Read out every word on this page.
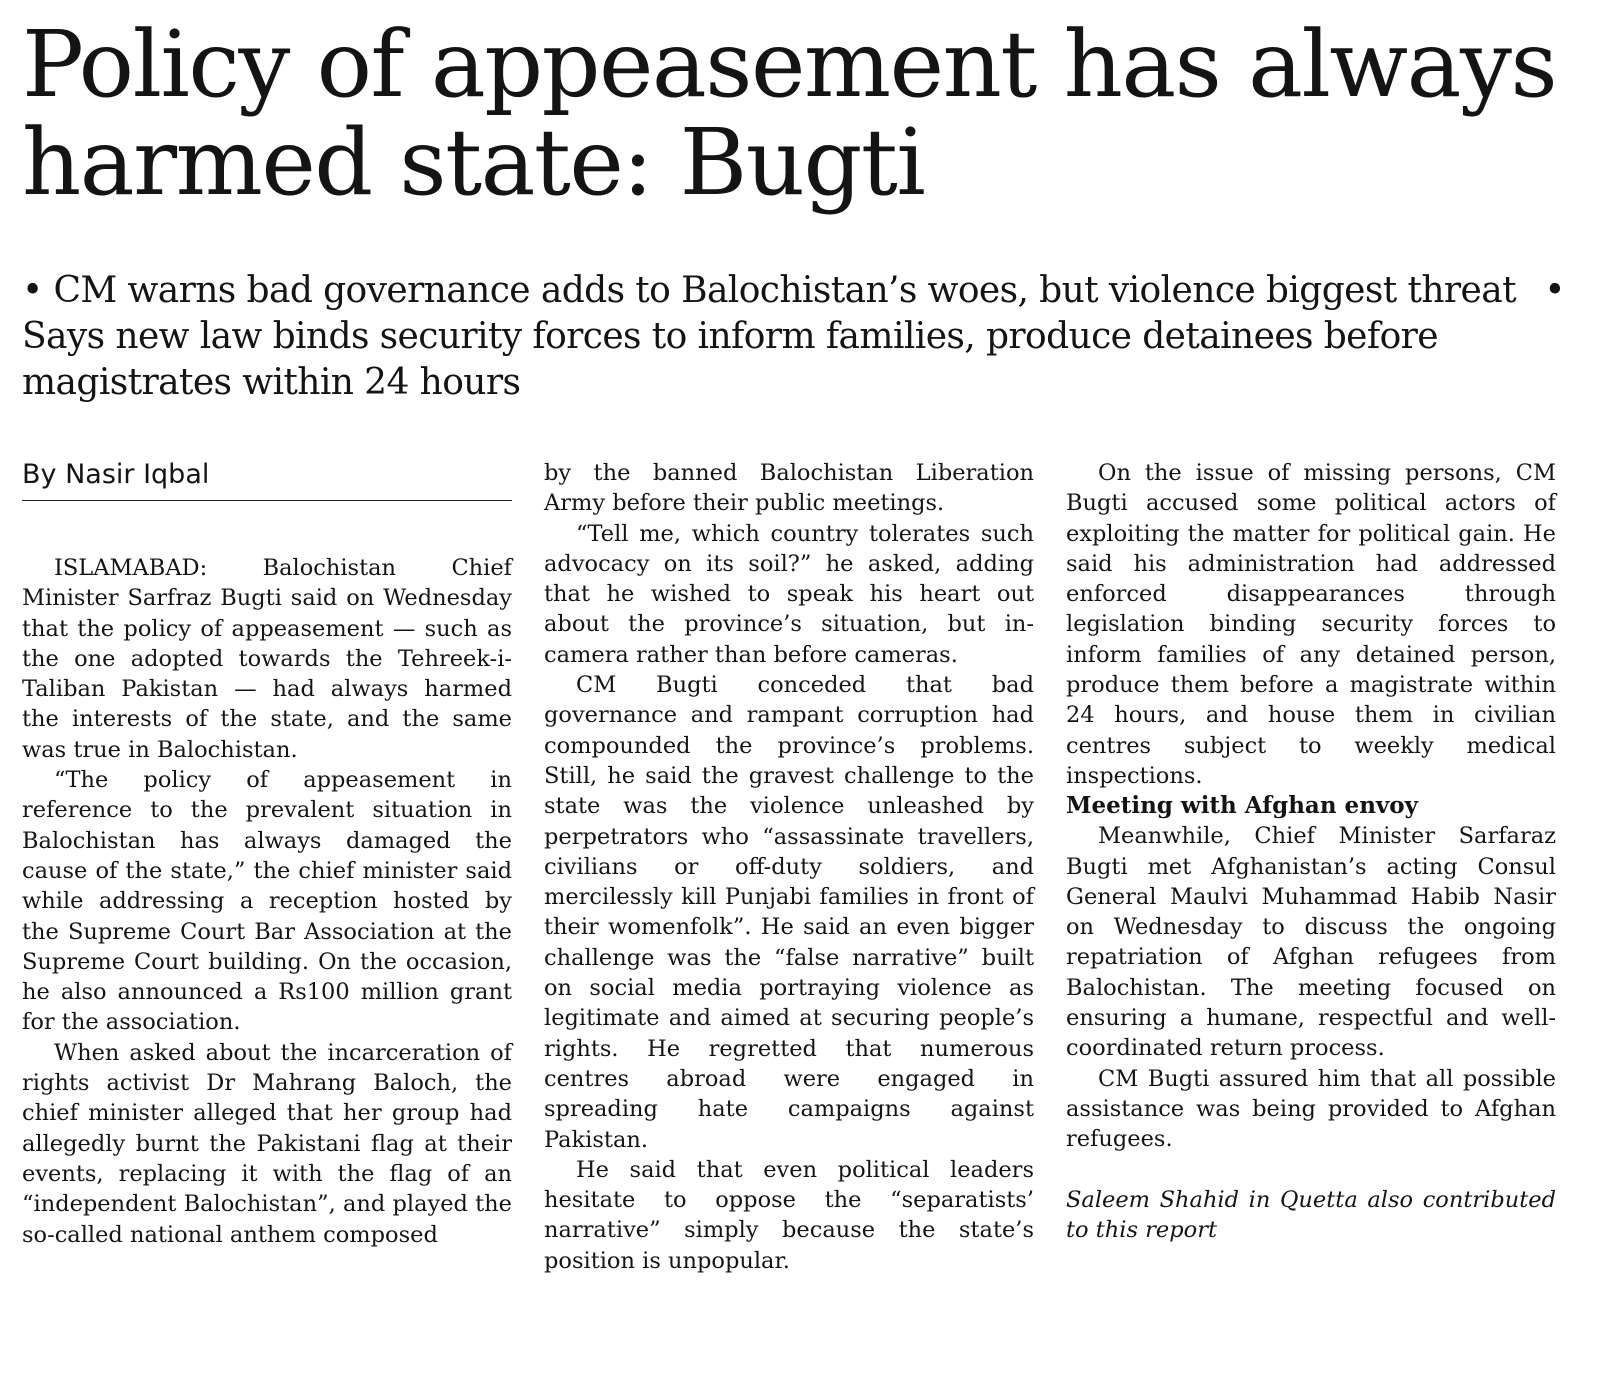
Policy of appeasement has always harmed state: Bugti

• CM warns bad governance adds to Balochistan’s woes, but violence biggest threat  • Says new law binds security forces to inform families, produce detainees before magistrates within 24 hours

By Nasir Iqbal

ISLAMABAD: Balochistan Chief Minister Sarfraz Bugti said on Wednesday that the policy of appeasement — such as the one adopted towards the Tehreek-i-Taliban Pakistan — had always harmed the interests of the state, and the same was true in Balochistan.

“The policy of appeasement in reference to the prevalent situation in Balochistan has always damaged the cause of the state,” the chief minister said while addressing a reception hosted by the Supreme Court Bar Association at the Supreme Court building. On the occasion, he also announced a Rs100 million grant for the association.

When asked about the incarceration of rights activist Dr Mahrang Baloch, the chief minister alleged that her group had allegedly burnt the Pakistani flag at their events, replacing it with the flag of an “independent Balochistan”, and played the so-called national anthem composed

by the banned Balochistan Liberation Army before their public meetings.

“Tell me, which country tolerates such advocacy on its soil?” he asked, adding that he wished to speak his heart out about the province’s situation, but in-camera rather than before cameras.

CM Bugti conceded that bad governance and rampant corruption had compounded the province’s problems. Still, he said the gravest challenge to the state was the violence unleashed by perpetrators who “assassinate travellers, civilians or off-duty soldiers, and mercilessly kill Punjabi families in front of their womenfolk”. He said an even bigger challenge was the “false narrative” built on social media portraying violence as legitimate and aimed at securing people’s rights. He regretted that numerous centres abroad were engaged in spreading hate campaigns against Pakistan.

He said that even political leaders hesitate to oppose the “separatists’ narrative” simply because the state’s position is unpopular.

On the issue of missing persons, CM Bugti accused some political actors of exploiting the matter for political gain. He said his administration had addressed enforced disappearances through legislation binding security forces to inform families of any detained person, produce them before a magistrate within 24 hours, and house them in civilian centres subject to weekly medical inspections.

Meeting with Afghan envoy

Meanwhile, Chief Minister Sarfaraz Bugti met Afghanistan’s acting Consul General Maulvi Muhammad Habib Nasir on Wednesday to discuss the ongoing repatriation of Afghan refugees from Balochistan. The meeting focused on ensuring a humane, respectful and well-coordinated return process.

CM Bugti assured him that all possible assistance was being provided to Afghan refugees.

Saleem Shahid in Quetta also contributed to this report
